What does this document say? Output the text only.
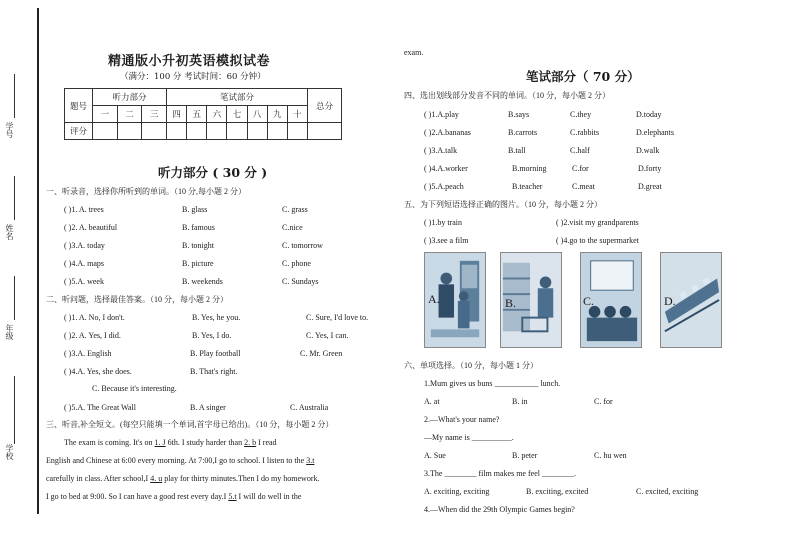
学号
姓名
年级
学校
精通版小升初英语模拟试卷
（满分：100 分 考试时间：60 分钟）
题号	听力部分			笔试部分							总分
	一	二	三	四	五	六	七	八	九	十	
评分											
听力部分 ( 30 分 )
一、听录音，选择你所听到的单词。（10 分,每小题 2 分）
( )1. A. trees	B. glass	C. grass
( )2. A. beautiful	B. famous	C.nice
( )3.A. today	B. tonight	C. tomorrow
( )4.A. maps	B. picture	C. phone
( )5.A. week	B. weekends	C. Sundays
二、听问题，选择最佳答案。（10 分，每小题 2 分）
( )1. A. No, I don't.	B. Yes, he you.	C. Sure, I'd love to.
( )2. A. Yes, I did.	B. Yes, I do.	C. Yes, I can.
( )3.A. English	B. Play football	C. Mr. Green
( )4.A. Yes, she does.	B. That's right.
C. Because it's interesting.
( )5.A. The Great Wall	B. A singer	C. Australia
三、听音,补全短文。(每空只能填一个单词,首字母已给出)。（10 分，每小题 2 分）
The exam is coming. It's on 1. J 6th. I study harder than 2. b I read
English and Chinese at 6:00 every morning. At 7:00,I go to school. I listen to the 3.t
carefully in class. After school,I 4. u play for thirty minutes.Then I do my homework.
I go to bed at 9:00. So I can have a good rest every day.I 5.t I will do well in the
exam.
笔试部分（ 70 分）
四、选出划线部分发音不同的单词。（10 分，每小题 2 分）
( )1.A.play	B.says	C.they	D.today
( )2.A.bananas	B.carrots	C.rabbits	D.elephants
( )3.A.talk	B.tall	C.half	D.walk
( )4.A.worker	B.morning	C.for	D.forty
( )5.A.peach	B.teacher	C.meat	D.great
五、为下列短语选择正确的图片。（10 分，每小题 2 分）
( )1.by train	( )2.visit my grandparents
( )3.see a film	( )4.go to the supermarket
A.	B.	C.	D.
六、单项选择。（10 分，每小题 1 分）
1.Mum gives us buns ___________ lunch.
A. at	B. in	C. for
2.—What's your name?
—My name is __________.
A. Sue	B. peter	C. hu wen
3.The ________ film makes me feel ________.
A. exciting, exciting	B. exciting, excited	C. excited, exciting
4.—When did the 29th Olympic Games begin?
